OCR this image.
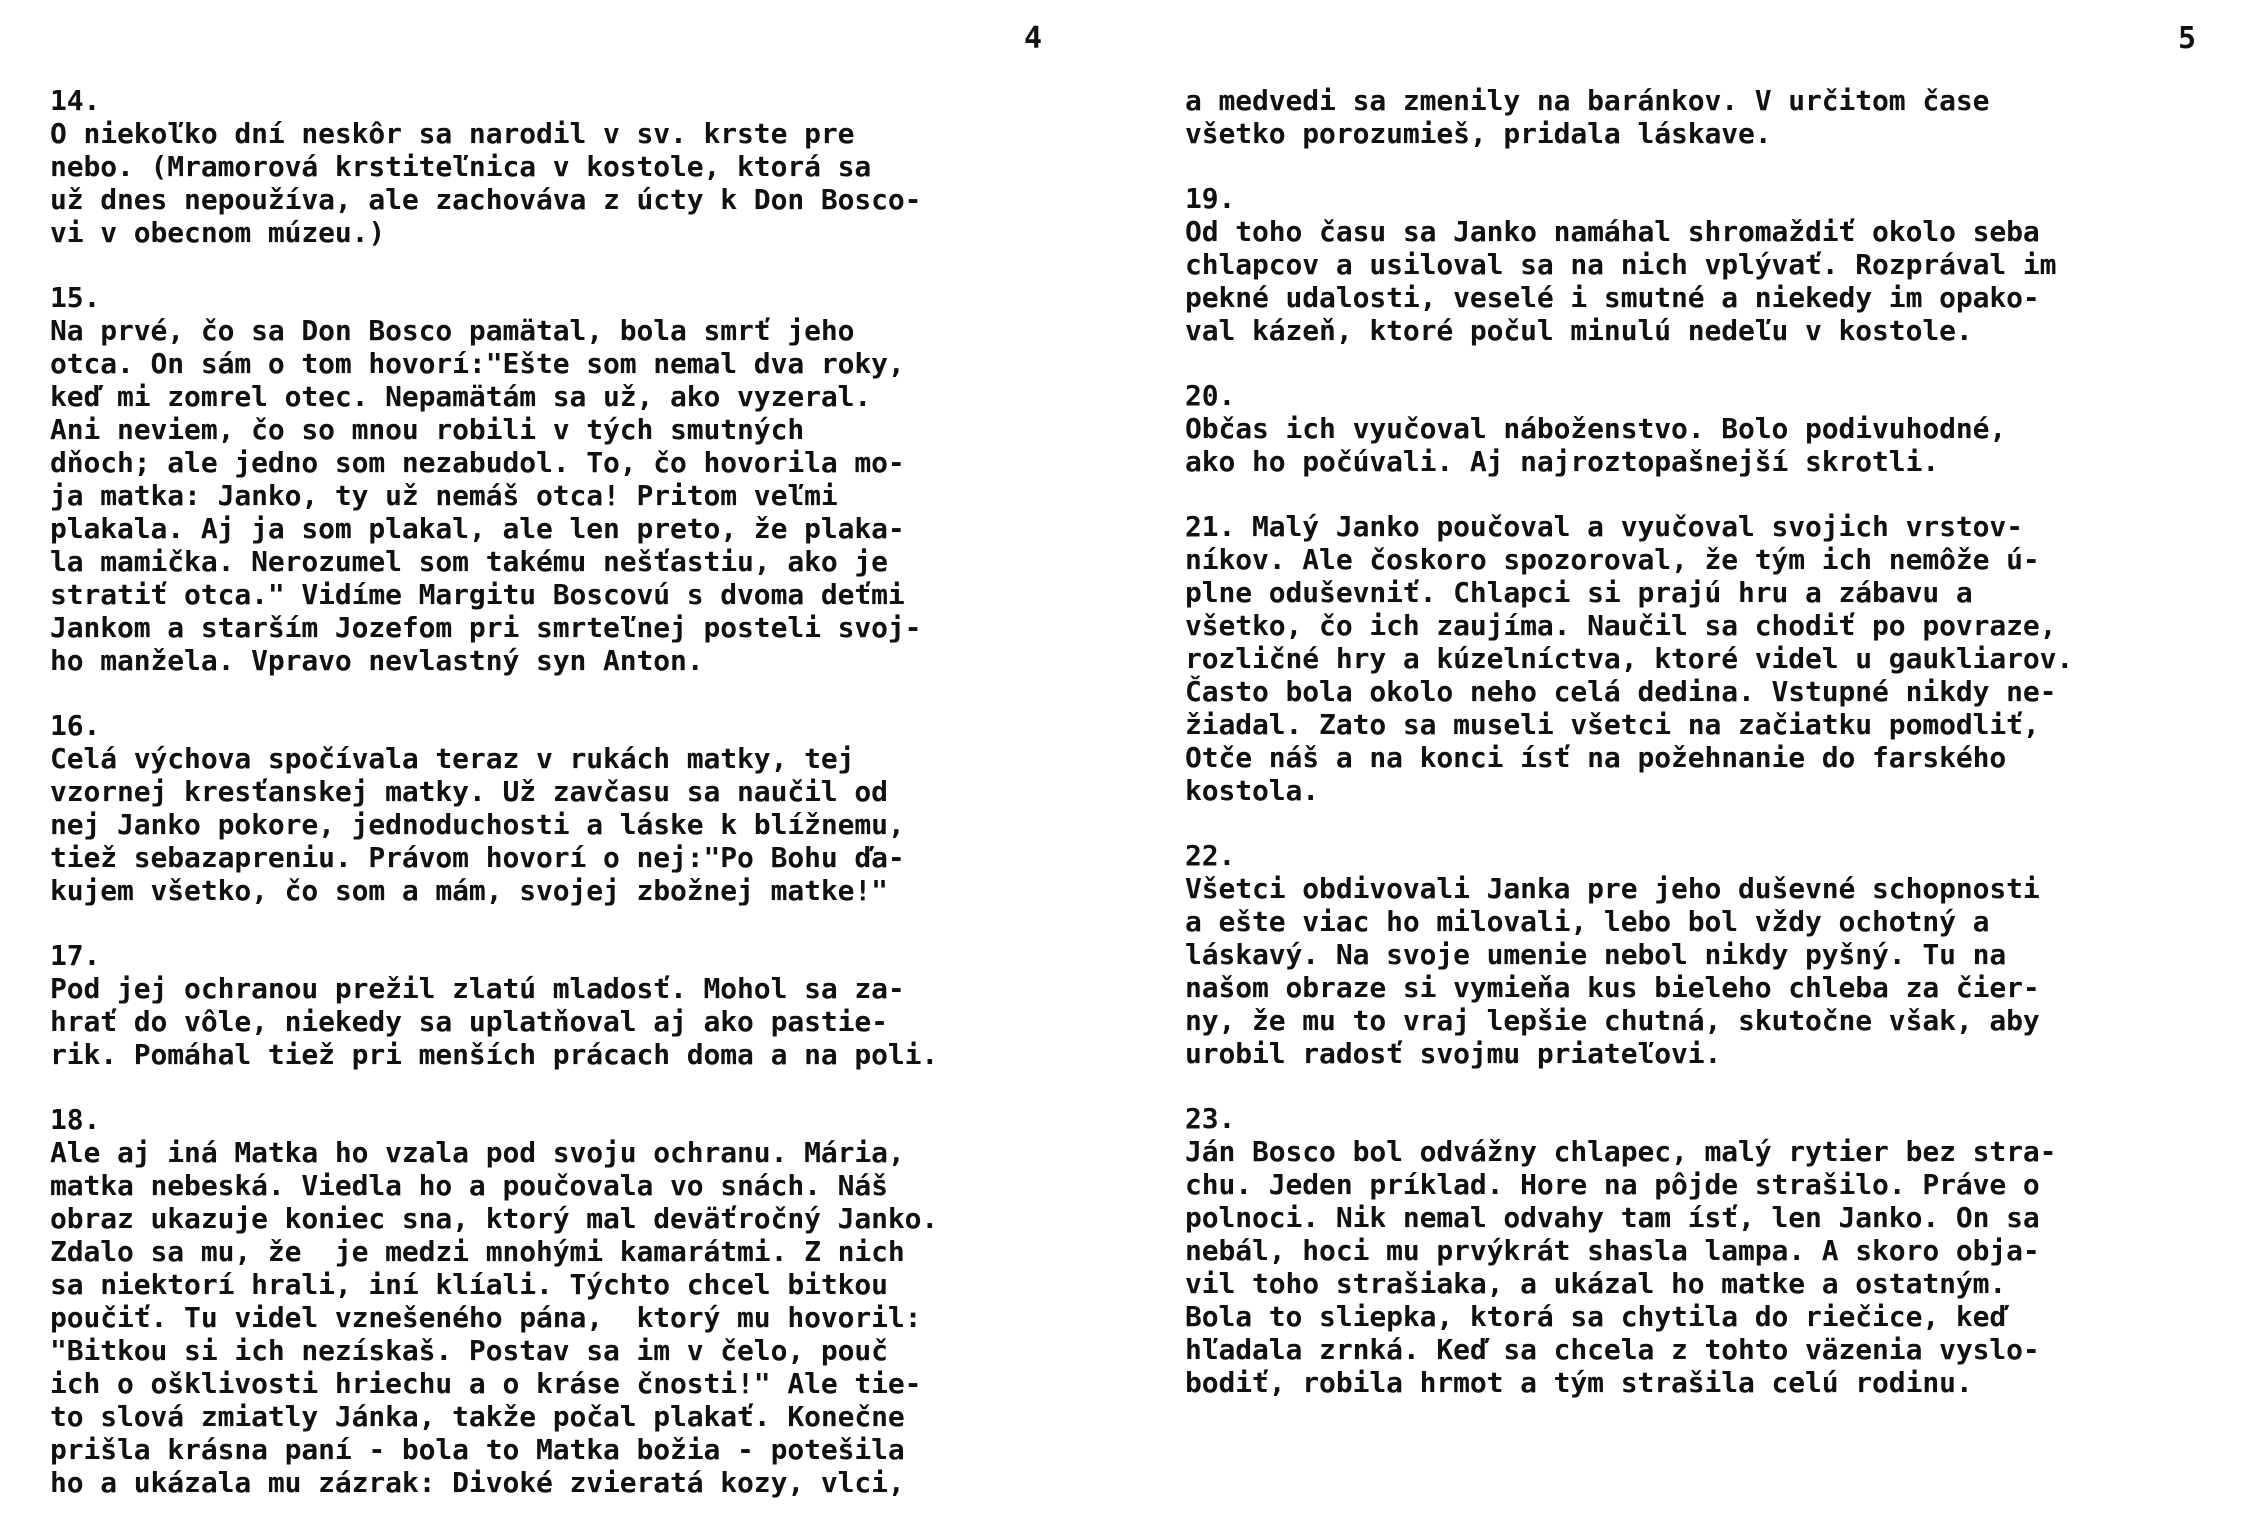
4	5
14.
O niekoľko dní neskôr sa narodil v sv. krste pre
nebo. (Mramorová krstiteľnica v kostole, ktorá sa
už dnes nepoužíva, ale zachováva z úcty k Don Bosco-
vi v obecnom múzeu.)
15.
Na prvé, čo sa Don Bosco pamätal, bola smrť jeho
otca. On sám o tom hovorí:"Ešte som nemal dva roky,
keď mi zomrel otec. Nepamätám sa už, ako vyzeral.
Ani neviem, čo so mnou robili v tých smutných
dňoch; ale jedno som nezabudol. To, čo hovorila mo-
ja matka: Janko, ty už nemáš otca! Pritom veľmi
plakala. Aj ja som plakal, ale len preto, že plaka-
la mamička. Nerozumel som takému nešťastiu, ako je
stratiť otca." Vidíme Margitu Boscovú s dvoma deťmi
Jankom a starším Jozefom pri smrteľnej posteli svoj-
ho manžela. Vpravo nevlastný syn Anton.
16.
Celá výchova spočívala teraz v rukách matky, tej
vzornej kresťanskej matky. Už zavčasu sa naučil od
nej Janko pokore, jednoduchosti a láske k blížnemu,
tiež sebazapreniu. Právom hovorí o nej:"Po Bohu ďa-
kujem všetko, čo som a mám, svojej zbožnej matke!"
17.
Pod jej ochranou prežil zlatú mladosť. Mohol sa za-
hrať do vôle, niekedy sa uplatňoval aj ako pastie-
rik. Pomáhal tiež pri menších prácach doma a na poli.
18.
Ale aj iná Matka ho vzala pod svoju ochranu. Mária,
matka nebeská. Viedla ho a poučovala vo snách. Náš
obraz ukazuje koniec sna, ktorý mal deväťročný Janko.
Zdalo sa mu, že  je medzi mnohými kamarátmi. Z nich
sa niektorí hrali, iní klíali. Týchto chcel bitkou
poučiť. Tu videl vznešeného pána,  ktorý mu hovoril:
"Bitkou si ich nezískaš. Postav sa im v čelo, pouč
ich o ošklivosti hriechu a o kráse čnosti!" Ale tie-
to slová zmiatly Jánka, takže počal plakať. Konečne
prišla krásna paní - bola to Matka božia - potešila
ho a ukázala mu zázrak: Divoké zvieratá kozy, vlci,
a medvedi sa zmenily na baránkov. V určitom čase
všetko porozumieš, pridala láskave.
19.
Od toho času sa Janko namáhal shromaždiť okolo seba
chlapcov a usiloval sa na nich vplývať. Rozprával im
pekné udalosti, veselé i smutné a niekedy im opako-
val kázeň, ktoré počul minulú nedeľu v kostole.
20.
Občas ich vyučoval náboženstvo. Bolo podivuhodné,
ako ho počúvali. Aj najroztopašnejší skrotli.
21. Malý Janko poučoval a vyučoval svojich vrstov-
níkov. Ale čoskoro spozoroval, že tým ich nemôže ú-
plne oduševniť. Chlapci si prajú hru a zábavu a
všetko, čo ich zaujíma. Naučil sa chodiť po povraze,
rozličné hry a kúzelníctva, ktoré videl u gaukliarov.
Často bola okolo neho celá dedina. Vstupné nikdy ne-
žiadal. Zato sa museli všetci na začiatku pomodliť,
Otče náš a na konci ísť na požehnanie do farského
kostola.
22.
Všetci obdivovali Janka pre jeho duševné schopnosti
a ešte viac ho milovali, lebo bol vždy ochotný a
láskavý. Na svoje umenie nebol nikdy pyšný. Tu na
našom obraze si vymieňa kus bieleho chleba za čier-
ny, že mu to vraj lepšie chutná, skutočne však, aby
urobil radosť svojmu priateľovi.
23.
Ján Bosco bol odvážny chlapec, malý rytier bez stra-
chu. Jeden príklad. Hore na pôjde strašilo. Práve o
polnoci. Nik nemal odvahy tam ísť, len Janko. On sa
nebál, hoci mu prvýkrát shasla lampa. A skoro obja-
vil toho strašiaka, a ukázal ho matke a ostatným.
Bola to sliepka, ktorá sa chytila do riečice, keď
hľadala zrnká. Keď sa chcela z tohto väzenia vyslo-
bodiť, robila hrmot a tým strašila celú rodinu.
